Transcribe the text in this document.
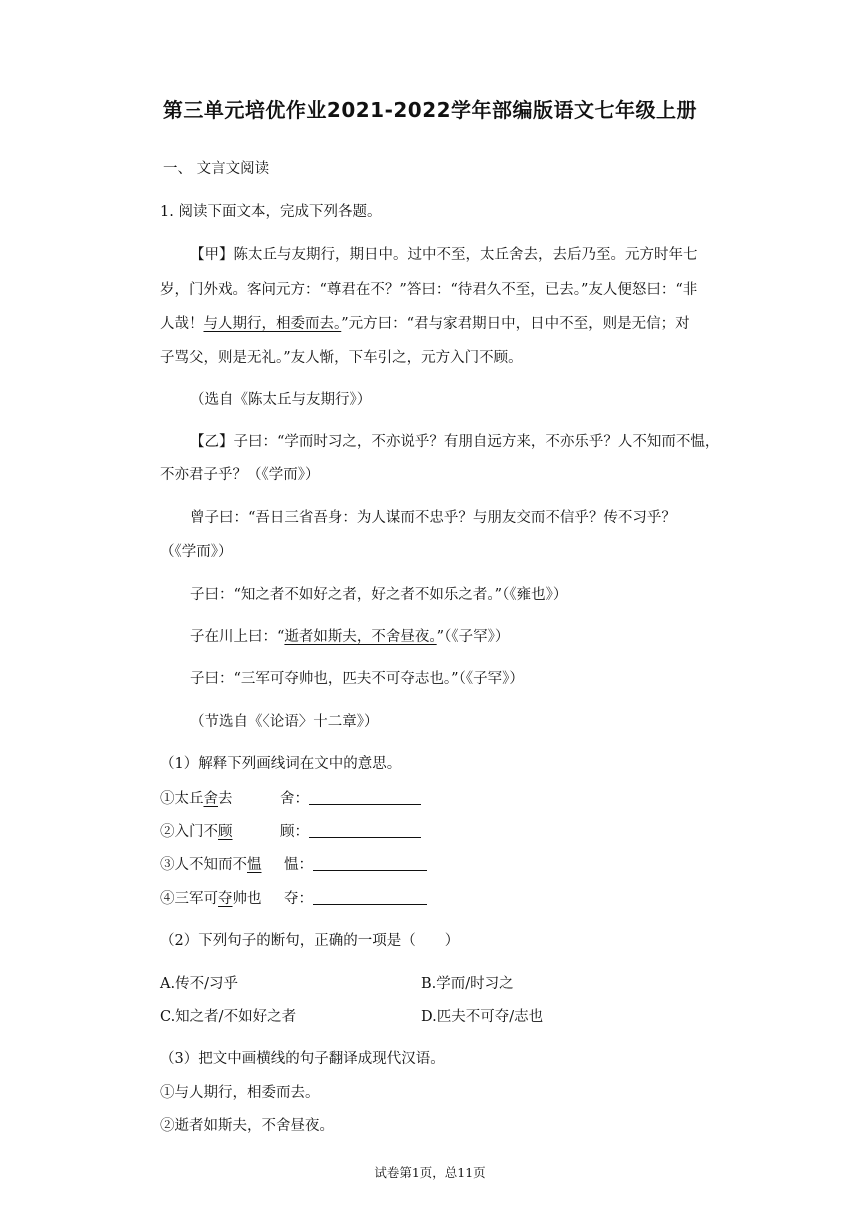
第三单元培优作业2021-2022学年部编版语文七年级上册
一、 文言文阅读
1. 阅读下面文本，完成下列各题。
【甲】陈太丘与友期行，期日中。过中不至，太丘舍去，去后乃至。元方时年七
岁，门外戏。客问元方：“尊君在不？”答曰：“待君久不至，已去。”友人便怒曰：“非
人哉！与人期行，相委而去。”元方曰：“君与家君期日中，日中不至，则是无信；对
子骂父，则是无礼。”友人惭，下车引之，元方入门不顾。
（选自《陈太丘与友期行》）
【乙】子曰：“学而时习之，不亦说乎？有朋自远方来，不亦乐乎？人不知而不愠，
不亦君子乎？（《学而》）
曾子曰：“吾日三省吾身：为人谋而不忠乎？与朋友交而不信乎？传不习乎？
（《学而》）
子曰：“知之者不如好之者，好之者不如乐之者。”（《雍也》）
子在川上曰：“逝者如斯夫，不舍昼夜。”（《子罕》）
子曰：“三军可夺帅也，匹夫不可夺志也。”（《子罕》）
（节选自《〈论语〉十二章》）
（1）解释下列画线词在文中的意思。
①太丘舍去	舍：
②入门不顾	顾：
③人不知而不愠 愠：
④三军可夺帅也 夺：
（2）下列句子的断句，正确的一项是（　　）
A.传不/习乎	B.学而/时习之
C.知之者/不如好之者	D.匹夫不可夺/志也
（3）把文中画横线的句子翻译成现代汉语。
①与人期行，相委而去。
②逝者如斯夫，不舍昼夜。
试卷第1页，总11页
